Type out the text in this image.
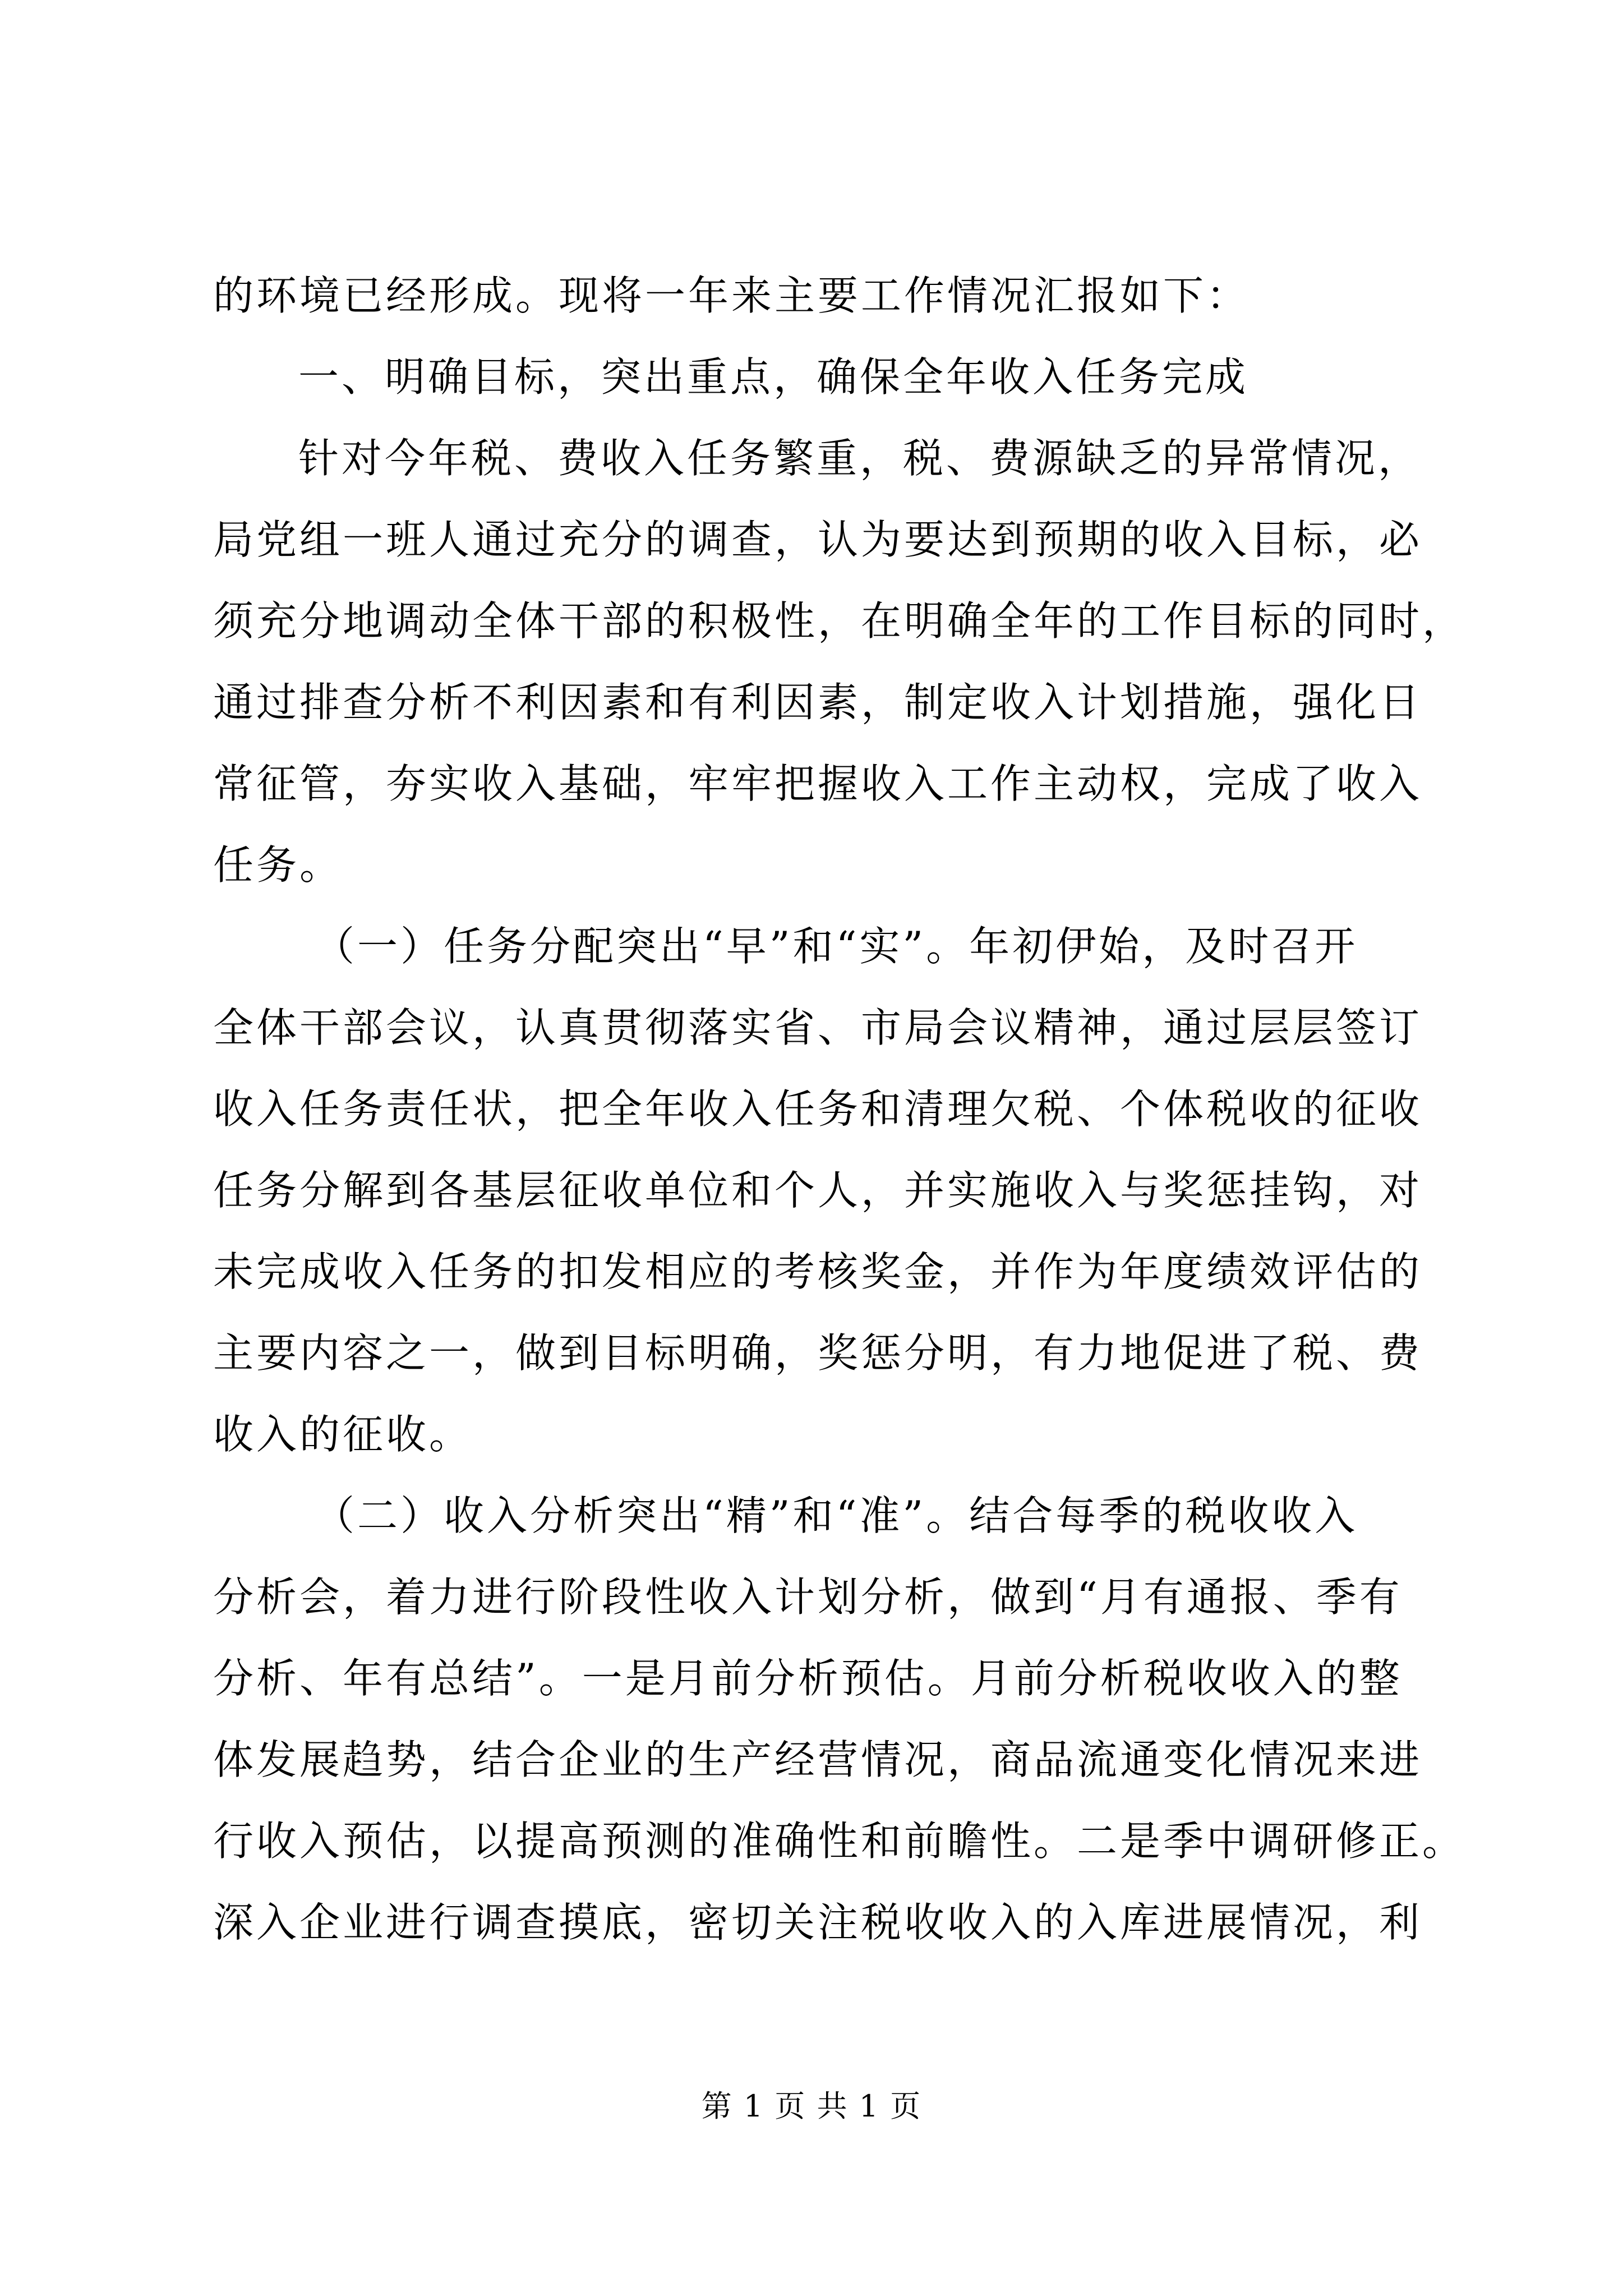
的环境已经形成。现将一年来主要工作情况汇报如下：
一、明确目标，突出重点，确保全年收入任务完成
针对今年税、费收入任务繁重，税、费源缺乏的异常情况，
局党组一班人通过充分的调查，认为要达到预期的收入目标，必
须充分地调动全体干部的积极性，在明确全年的工作目标的同时，
通过排查分析不利因素和有利因素，制定收入计划措施，强化日
常征管，夯实收入基础，牢牢把握收入工作主动权，完成了收入
任务。
（一）任务分配突出“早”和“实”。年初伊始，及时召开
全体干部会议，认真贯彻落实省、市局会议精神，通过层层签订
收入任务责任状，把全年收入任务和清理欠税、个体税收的征收
任务分解到各基层征收单位和个人，并实施收入与奖惩挂钩，对
未完成收入任务的扣发相应的考核奖金，并作为年度绩效评估的
主要内容之一，做到目标明确，奖惩分明，有力地促进了税、费
收入的征收。
（二）收入分析突出“精”和“准”。结合每季的税收收入
分析会，着力进行阶段性收入计划分析，做到“月有通报、季有
分析、年有总结”。一是月前分析预估。月前分析税收收入的整
体发展趋势，结合企业的生产经营情况，商品流通变化情况来进
行收入预估，以提高预测的准确性和前瞻性。二是季中调研修正。
深入企业进行调查摸底，密切关注税收收入的入库进展情况，利
第 1 页 共 1 页
